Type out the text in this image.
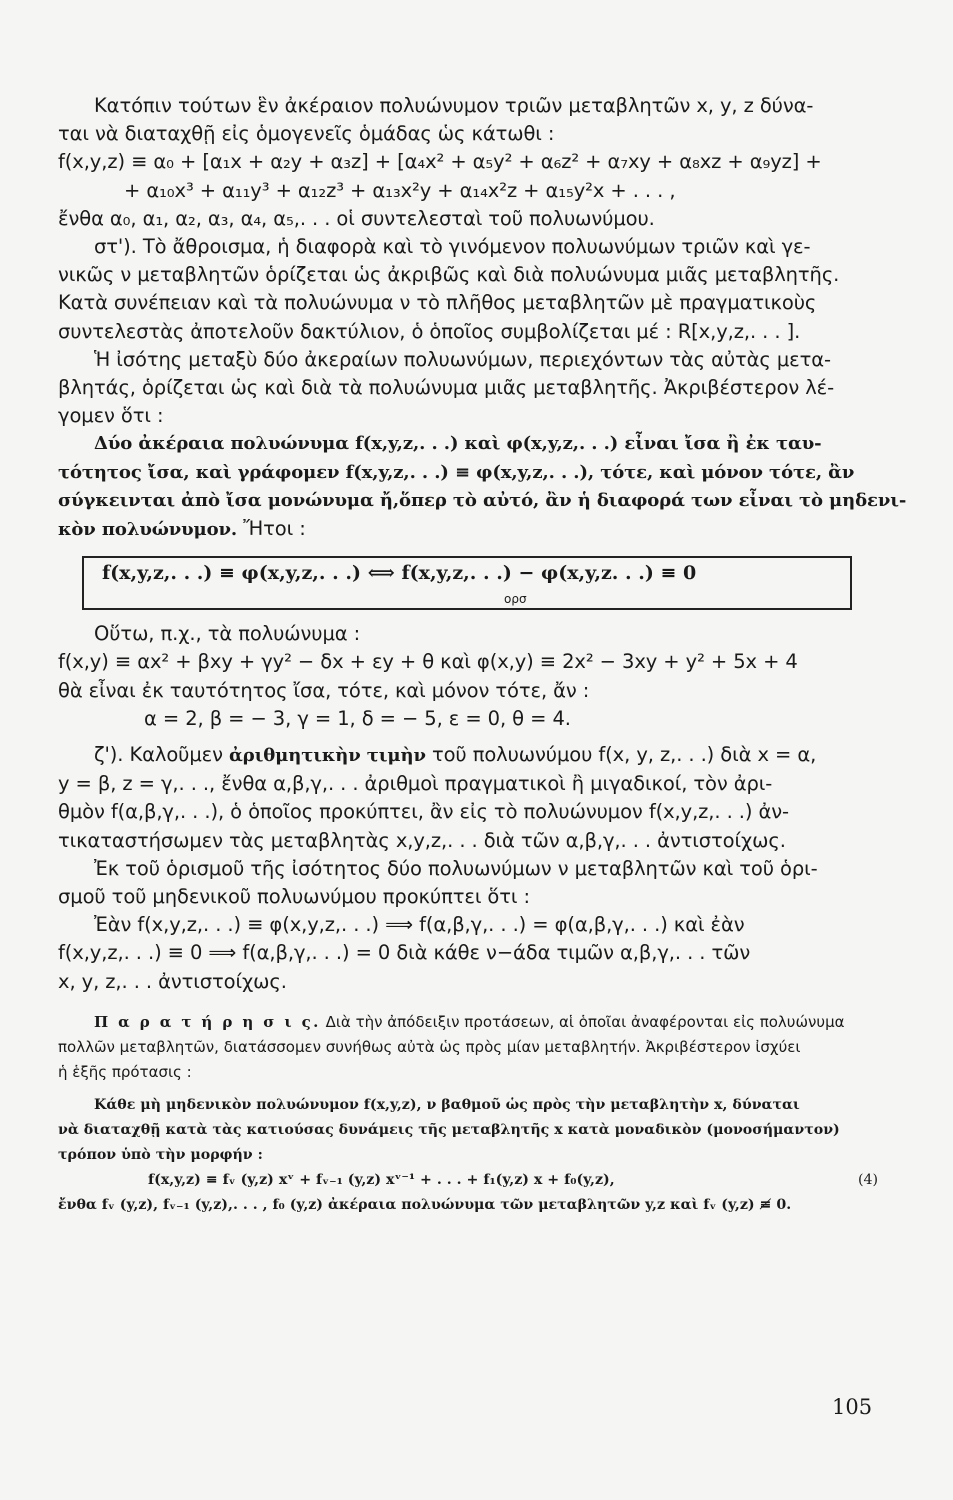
Κατόπιν τούτων ἓν ἀκέραιον πολυώνυμον τριῶν μεταβλητῶν x, y, z δύνα-
ται νὰ διαταχθῇ εἰς ὁμογενεῖς ὁμάδας ὡς κάτωθι :
f(x,y,z) ≡ α₀ + [α₁x + α₂y + α₃z] + [α₄x² + α₅y² + α₆z² + α₇xy + α₈xz + α₉yz] +
+ α₁₀x³ + α₁₁y³ + α₁₂z³ + α₁₃x²y + α₁₄x²z + α₁₅y²x + . . . ,
ἔνθα α₀, α₁, α₂, α₃, α₄, α₅,. . . οἱ συντελεσταὶ τοῦ πολυωνύμου.
στ'). Τὸ ἄθροισμα, ἡ διαφορὰ καὶ τὸ γινόμενον πολυωνύμων τριῶν καὶ γε-
νικῶς ν μεταβλητῶν ὁρίζεται ὡς ἀκριβῶς καὶ διὰ πολυώνυμα μιᾶς μεταβλητῆς.
Κατὰ συνέπειαν καὶ τὰ πολυώνυμα ν τὸ πλῆθος μεταβλητῶν μὲ πραγματικοὺς
συντελεστὰς ἀποτελοῦν δακτύλιον, ὁ ὁποῖος συμβολίζεται μέ : R[x,y,z,. . . ].
Ἡ ἰσότης μεταξὺ δύο ἀκεραίων πολυωνύμων, περιεχόντων τὰς αὐτὰς μετα-
βλητάς, ὁρίζεται ὡς καὶ διὰ τὰ πολυώνυμα μιᾶς μεταβλητῆς. Ἀκριβέστερον λέ-
γομεν ὅτι :
Δύο ἀκέραια πολυώνυμα f(x,y,z,. . .) καὶ φ(x,y,z,. . .) εἶναι ἴσα ἢ ἐκ ταυ-
τότητος ἴσα, καὶ γράφομεν f(x,y,z,. . .) ≡ φ(x,y,z,. . .), τότε, καὶ μόνον τότε, ἂν
σύγκεινται ἀπὸ ἴσα μονώνυμα ἤ,ὅπερ τὸ αὐτό, ἂν ἡ διαφορά των εἶναι τὸ μηδενι-
κὸν πολυώνυμον. Ἤτοι :
f(x,y,z,. . .) ≡ φ(x,y,z,. . .) ⟺ f(x,y,z,. . .) − φ(x,y,z. . .) ≡ 0
ορσ
Οὕτω, π.χ., τὰ πολυώνυμα :
f(x,y) ≡ αx² + βxy + γy² − δx + εy + θ καὶ φ(x,y) ≡ 2x² − 3xy + y² + 5x + 4
θὰ εἶναι ἐκ ταυτότητος ἴσα, τότε, καὶ μόνον τότε, ἄν :
α = 2, β = − 3, γ = 1, δ = − 5, ε = 0, θ = 4.
ζ'). Καλοῦμεν ἀριθμητικὴν τιμὴν τοῦ πολυωνύμου f(x, y, z,. . .) διὰ x = α,
y = β, z = γ,. . ., ἔνθα α,β,γ,. . . ἀριθμοὶ πραγματικοὶ ἢ μιγαδικοί, τὸν ἀρι-
θμὸν f(α,β,γ,. . .), ὁ ὁποῖος προκύπτει, ἂν εἰς τὸ πολυώνυμον f(x,y,z,. . .) ἀν-
τικαταστήσωμεν τὰς μεταβλητὰς x,y,z,. . . διὰ τῶν α,β,γ,. . . ἀντιστοίχως.
Ἐκ τοῦ ὁρισμοῦ τῆς ἰσότητος δύο πολυωνύμων ν μεταβλητῶν καὶ τοῦ ὁρι-
σμοῦ τοῦ μηδενικοῦ πολυωνύμου προκύπτει ὅτι :
Ἐὰν f(x,y,z,. . .) ≡ φ(x,y,z,. . .) ⟹ f(α,β,γ,. . .) = φ(α,β,γ,. . .) καὶ ἐὰν
f(x,y,z,. . .) ≡ 0 ⟹ f(α,β,γ,. . .) = 0 διὰ κάθε ν−άδα τιμῶν α,β,γ,. . . τῶν
x, y, z,. . . ἀντιστοίχως.
Π α ρ α τ ή ρ η σ ι ς. Διὰ τὴν ἀπόδειξιν προτάσεων, αἱ ὁποῖαι ἀναφέρονται εἰς πολυώνυμα
πολλῶν μεταβλητῶν, διατάσσομεν συνήθως αὐτὰ ὡς πρὸς μίαν μεταβλητήν. Ἀκριβέστερον ἰσχύει
ἡ ἑξῆς πρότασις :
Κάθε μὴ μηδενικὸν πολυώνυμον f(x,y,z), ν βαθμοῦ ὡς πρὸς τὴν μεταβλητὴν x, δύναται
νὰ διαταχθῇ κατὰ τὰς κατιούσας δυνάμεις τῆς μεταβλητῆς x κατὰ μοναδικὸν (μονοσήμαντον)
τρόπον ὑπὸ τὴν μορφήν :
f(x,y,z) ≡ fᵥ (y,z) xᵛ + fᵥ₋₁ (y,z) xᵛ⁻¹ + . . . + f₁(y,z) x + f₀(y,z),	(4)
ἔνθα fᵥ (y,z), fᵥ₋₁ (y,z),. . . , f₀ (y,z) ἀκέραια πολυώνυμα τῶν μεταβλητῶν y,z καὶ fᵥ (y,z) ≢ 0.
105
